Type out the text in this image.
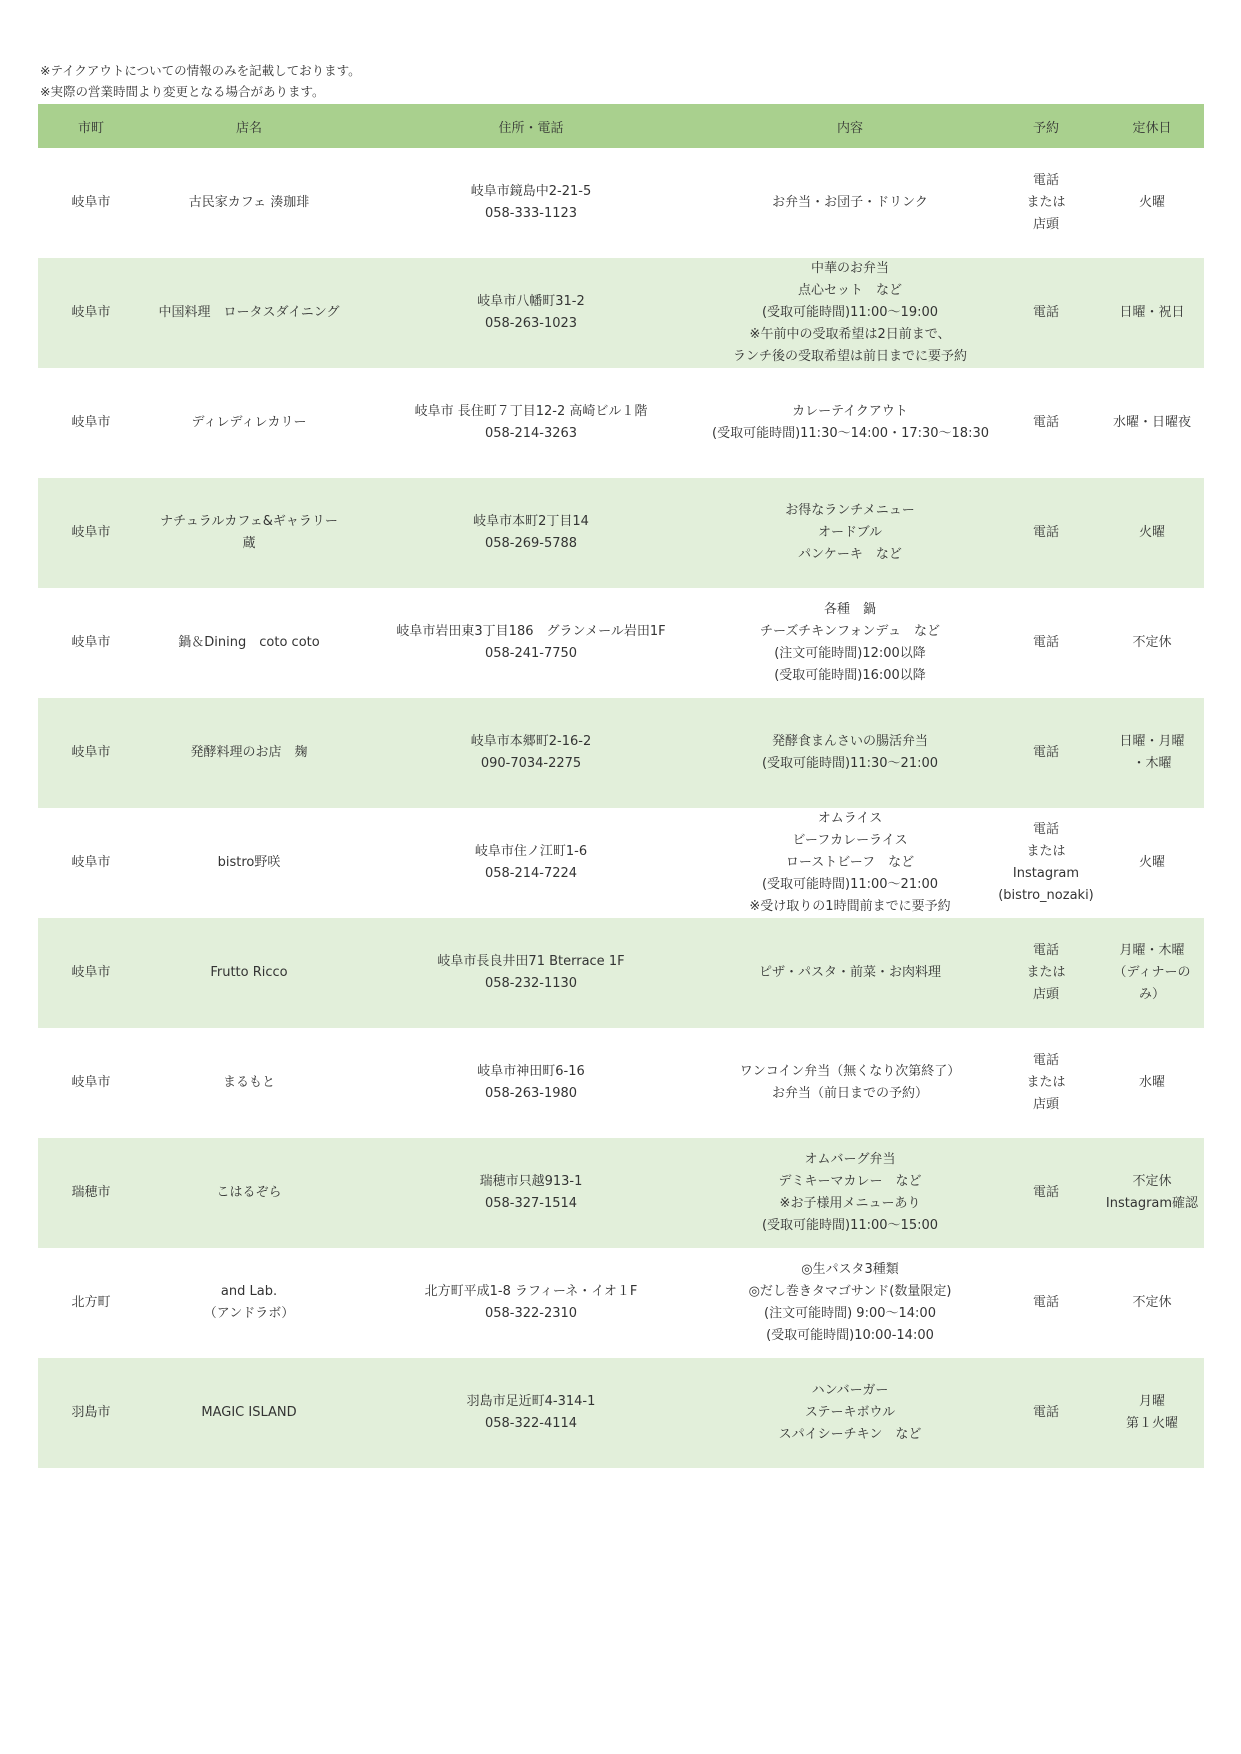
※テイクアウトについての情報のみを記載しております。
※実際の営業時間より変更となる場合があります。
市町	店名	住所・電話	内容	予約	定休日
岐阜市	古民家カフェ 湊珈琲	岐阜市鏡島中2-21-5
058-333-1123	お弁当・お団子・ドリンク	電話
または
店頭	火曜

岐阜市	中国料理　ロータスダイニング	岐阜市八幡町31-2
058-263-1023	中華のお弁当
点心セット　など
(受取可能時間)11:00～19:00
※午前中の受取希望は2日前まで、
ランチ後の受取希望は前日までに要予約	電話	日曜・祝日

岐阜市	ディレディレカリー	岐阜市 長住町７丁目12-2 高崎ビル１階
058-214-3263	カレーテイクアウト
(受取可能時間)11:30～14:00・17:30～18:30	電話	水曜・日曜夜

岐阜市	ナチュラルカフェ&ギャラリー
蔵	岐阜市本町2丁目14
058-269-5788	お得なランチメニュー
オードブル
パンケーキ　など	電話	火曜

岐阜市	鍋＆Dining　coto coto	岐阜市岩田東3丁目186　グランメール岩田1F
058-241-7750	各種　鍋
チーズチキンフォンデュ　など
(注文可能時間)12:00以降
(受取可能時間)16:00以降	電話	不定休

岐阜市	発酵料理のお店　麹	岐阜市本郷町2-16-2
090-7034-2275	発酵食まんさいの腸活弁当
(受取可能時間)11:30～21:00	電話	日曜・月曜
・木曜

岐阜市	bistro野咲	岐阜市住ノ江町1-6
058-214-7224	オムライス
ビーフカレーライス
ローストビーフ　など
(受取可能時間)11:00～21:00
※受け取りの1時間前までに要予約	電話
または
Instagram
(bistro_nozaki)	火曜

岐阜市	Frutto Ricco	岐阜市長良井田71 Bterrace 1F
058-232-1130	ピザ・パスタ・前菜・お肉料理	電話
または
店頭	月曜・木曜
（ディナーの
み）

岐阜市	まるもと	岐阜市神田町6-16
058-263-1980	ワンコイン弁当（無くなり次第終了）
お弁当（前日までの予約）	電話
または
店頭	水曜

瑞穂市	こはるぞら	瑞穂市只越913-1
058-327-1514	オムバーグ弁当
デミキーマカレー　など
※お子様用メニューあり
(受取可能時間)11:00～15:00	電話	不定休
Instagram確認

北方町	and Lab.
（アンドラボ）	北方町平成1-8 ラフィーネ・イオ１F
058-322-2310	◎生パスタ3種類
◎だし巻きタマゴサンド(数量限定)
(注文可能時間) 9:00～14:00
(受取可能時間)10:00-14:00	電話	不定休

羽島市	MAGIC ISLAND	羽島市足近町4-314-1
058-322-4114	ハンバーガー
ステーキボウル
スパイシーチキン　など	電話	月曜
第１火曜
